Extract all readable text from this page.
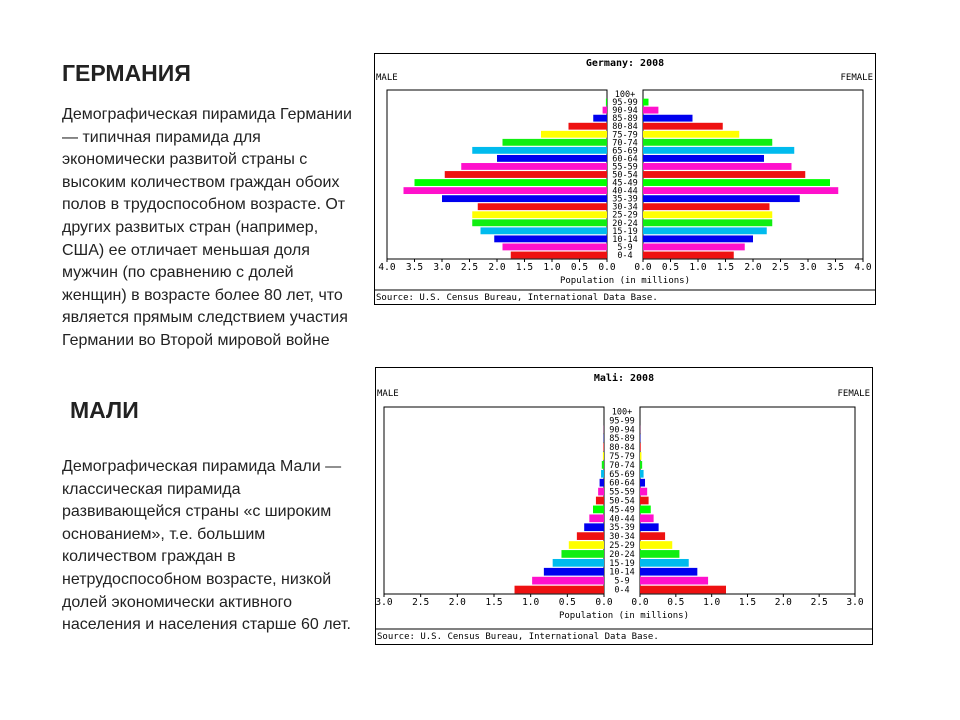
ГЕРМАНИЯ

Демографическая пирамида Германии — типичная пирамида для экономически развитой страны с высоким количеством граждан обоих полов в трудоспособном возрасте. От других развитых стран (например, США) ее отличает меньшая доля мужчин (по сравнению с долей женщин) в возрасте более 80 лет, что является прямым следствием участия Германии во Второй мировой войне

МАЛИ

Демографическая пирамида Мали — классическая пирамида развивающейся страны «с широким основанием», т.е. большим количеством граждан в нетрудоспособном возрасте, низкой долей экономически активного населения и населения старше 60 лет.

Germany: 2008
MALE	FEMALE
0-4
5-9
10-14
15-19
20-24
25-29
30-34
35-39
40-44
45-49
50-54
55-59
60-64
65-69
70-74
75-79
80-84
85-89
90-94
95-99
100+
4.0 3.5 3.0 2.5 2.0 1.5 1.0 0.5 0.0 0.0 0.5 1.0 1.5 2.0 2.5 3.0 3.5 4.0
Population (in millions)
Source: U.S. Census Bureau, International Data Base.
Mali: 2008
MALE	FEMALE
0-4
5-9
10-14
15-19
20-24
25-29
30-34
35-39
40-44
45-49
50-54
55-59
60-64
65-69
70-74
75-79
80-84
85-89
90-94
95-99
100+
3.0 2.5 2.0 1.5 1.0 0.5 0.0 0.0 0.5 1.0 1.5 2.0 2.5 3.0
Population (in millions)
Source: U.S. Census Bureau, International Data Base.
